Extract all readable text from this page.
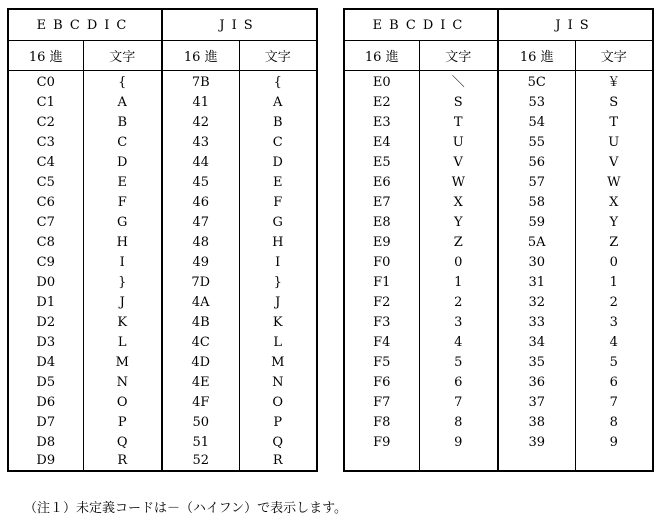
EBCDIC		JIS	
16 進	文字	16 進	文字
C0	{	7B	{
C1	A	41	A
C2	B	42	B
C3	C	43	C
C4	D	44	D
C5	E	45	E
C6	F	46	F
C7	G	47	G
C8	H	48	H
C9	I	49	I
D0	}	7D	}
D1	J	4A	J
D2	K	4B	K
D3	L	4C	L
D4	M	4D	M
D5	N	4E	N
D6	O	4F	O
D7	P	50	P
D8	Q	51	Q
D9	R	52	R
EBCDIC		JIS	
16 進	文字	16 進	文字
E0	＼	5C	￥
E2	S	53	S
E3	T	54	T
E4	U	55	U
E5	V	56	V
E6	W	57	W
E7	X	58	X
E8	Y	59	Y
E9	Z	5A	Z
F0	0	30	0
F1	1	31	1
F2	2	32	2
F3	3	33	3
F4	4	34	4
F5	5	35	5
F6	6	36	6
F7	7	37	7
F8	8	38	8
F9	9	39	9

（注１）未定義コードは－（ハイフン）で表示します。
